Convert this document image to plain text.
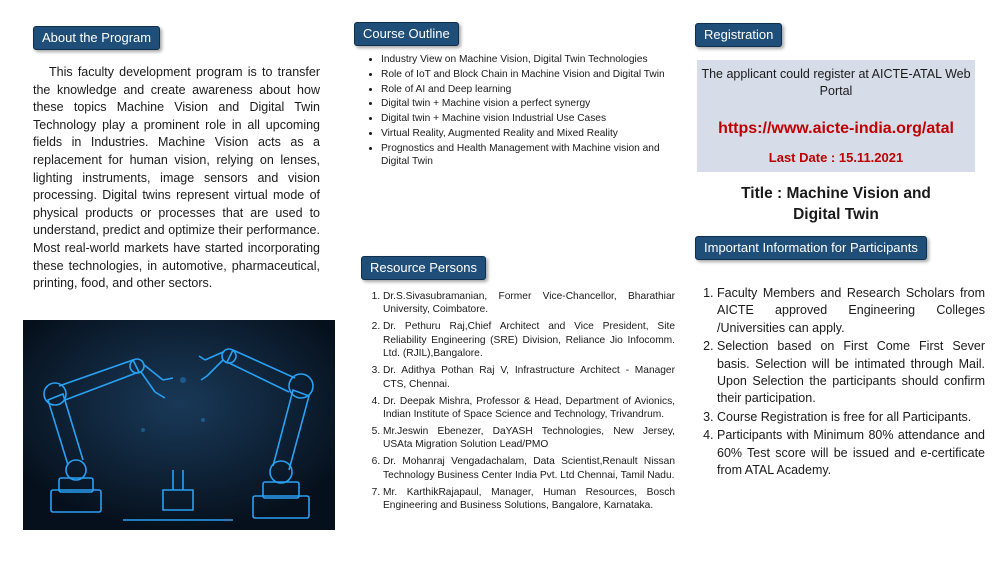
About the Program

This faculty development program is to transfer the knowledge and create awareness about how these topics Machine Vision and Digital Twin Technology play a prominent role in all upcoming fields in Industries. Machine Vision acts as a replacement for human vision, relying on lenses, lighting instruments, image sensors and vision processing. Digital twins represent virtual mode of physical products or processes that are used to understand, predict and optimize their performance. Most real-world markets have started incorporating these technologies, in automotive, pharmaceutical, printing, food, and other sectors.

Course Outline
• Industry View on Machine Vision, Digital Twin Technologies
• Role of IoT and Block Chain in Machine Vision and Digital Twin
• Role of AI and Deep learning
• Digital twin + Machine vision a perfect synergy
• Digital twin + Machine vision Industrial Use Cases
• Virtual Reality, Augmented Reality and Mixed Reality
• Prognostics and Health Management with Machine vision and Digital Twin
Resource Persons
1. Dr.S.Sivasubramanian, Former Vice-Chancellor, Bharathiar University, Coimbatore.
2. Dr. Pethuru Raj,Chief Architect and Vice President, Site Reliability Engineering (SRE) Division, Reliance Jio Infocomm. Ltd. (RJIL),Bangalore.
3. Dr. Adithya Pothan Raj V, Infrastructure Architect - Manager CTS, Chennai.
4. Dr. Deepak Mishra, Professor & Head, Department of Avionics, Indian Institute of Space Science and Technology, Trivandrum.
5. Mr.Jeswin Ebenezer, DaYASH Technologies, New Jersey, USAta Migration Solution Lead/PMO
6. Dr. Mohanraj Vengadachalam, Data Scientist,Renault Nissan Technology Business Center India Pvt. Ltd Chennai, Tamil Nadu.
7. Mr. KarthikRajapaul, Manager, Human Resources, Bosch Engineering and Business Solutions, Bangalore, Karnataka.
Registration
The applicant could register at AICTE-ATAL Web Portal
https://www.aicte-india.org/atal
Last Date : 15.11.2021
Title : Machine Vision and
Digital Twin
Important Information for Participants
1. Faculty Members and Research Scholars from AICTE approved Engineering Colleges /Universities can apply.
2. Selection based on First Come First Sever basis. Selection will be intimated through Mail. Upon Selection the participants should confirm their participation.
3. Course Registration is free for all Participants.
4. Participants with Minimum 80% attendance and 60% Test score will be issued and e-certificate from ATAL Academy.
